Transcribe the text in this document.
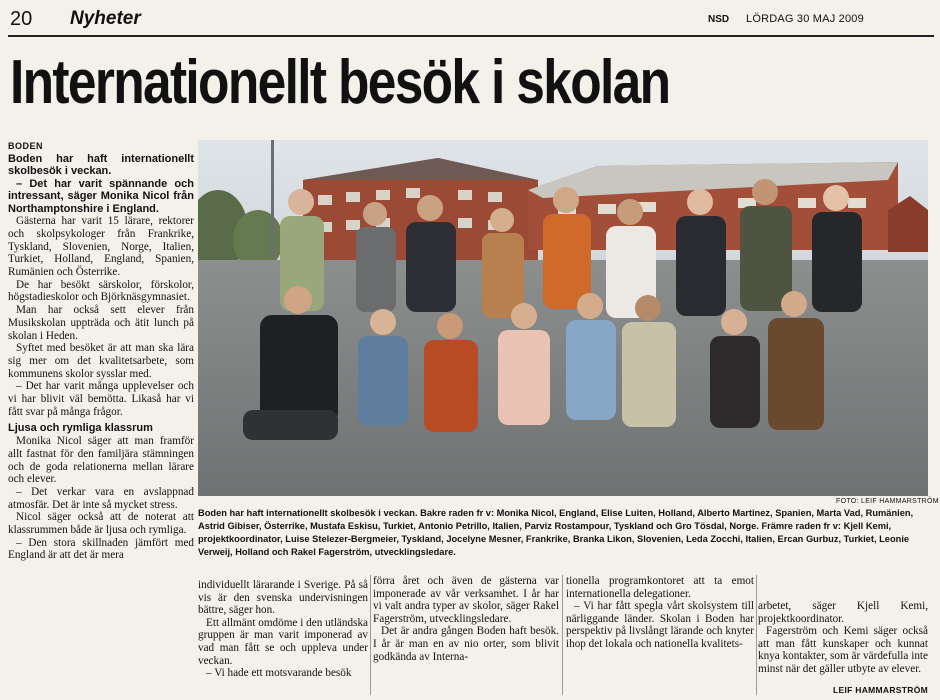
20 Nyheter	NSD LÖRDAG 30 MAJ 2009
Internationellt besök i skolan

BODEN

Boden har haft internationellt skolbesök i veckan.

– Det har varit spännande och intressant, säger Monika Nicol från Northamptonshire i England.

Gästerna har varit 15 lärare, rektorer och skolpsykologer från Frankrike, Tyskland, Slovenien, Norge, Italien, Turkiet, Holland, England, Spanien, Rumänien och Österrike.

De har besökt särskolor, förskolor, högstadieskolor och Björknäsgymnasiet.

Man har också sett elever från Musikskolan uppträda och ätit lunch på skolan i Heden.

Syftet med besöket är att man ska lära sig mer om det kvalitetsarbete, som kommunens skolor sysslar med.

– Det har varit många upplevelser och vi har blivit väl bemötta. Likaså har vi fått svar på många frågor.

Ljusa och rymliga klassrum

Monika Nicol säger att man framför allt fastnat för den familjära stämningen och de goda relationerna mellan lärare och elever.

– Det verkar vara en avslappnad atmosfär. Det är inte så mycket stress.

Nicol säger också att de noterat att klassrummen både är ljusa och rymliga.

– Den stora skillnaden jämfört med England är att det är mera

FOTO: LEIF HAMMARSTRÖM
Boden har haft internationellt skolbesök i veckan. Bakre raden fr v: Monika Nicol, England, Elise Luiten, Holland, Alberto Martinez, Spanien, Marta Vad, Rumänien, Astrid Gibiser, Österrike, Mustafa Eskisu, Turkiet, Antonio Petrillo, Italien, Parviz Rostampour, Tyskland och Gro Tösdal, Norge. Främre raden fr v: Kjell Kemi, projektkoordinator, Luise Stelezer-Bergmeier, Tyskland, Jocelyne Mesner, Frankrike, Branka Likon, Slovenien, Leda Zocchi, Italien, Ercan Gurbuz, Turkiet, Leonie Verweij, Holland och Rakel Fagerström, utvecklingsledare.

individuellt lärarande i Sverige. På så vis är den svenska undervisningen bättre, säger hon.

Ett allmänt omdöme i den utländska gruppen är man varit imponerad av vad man fått se och uppleva under veckan.

– Vi hade ett motsvarande besök

förra året och även de gästerna var imponerade av vår verksamhet. I år har vi valt andra typer av skolor, säger Rakel Fagerström, utvecklingsledare.

Det är andra gången Boden haft besök. I år är man en av nio orter, som blivit godkända av Interna-

tionella programkontoret att ta emot internationella delegationer.

– Vi har fått spegla vårt skolsystem till närliggande länder. Skolan i Boden har perspektiv på livslångt lärande och knyter ihop det lokala och nationella kvalitets-

arbetet, säger Kjell Kemi, projektkoordinator.

Fagerström och Kemi säger också att man fått kunskaper och kunnat knya kontakter, som är värdefulla inte minst när det gäller utbyte av elever.

LEIF HAMMARSTRÖM
